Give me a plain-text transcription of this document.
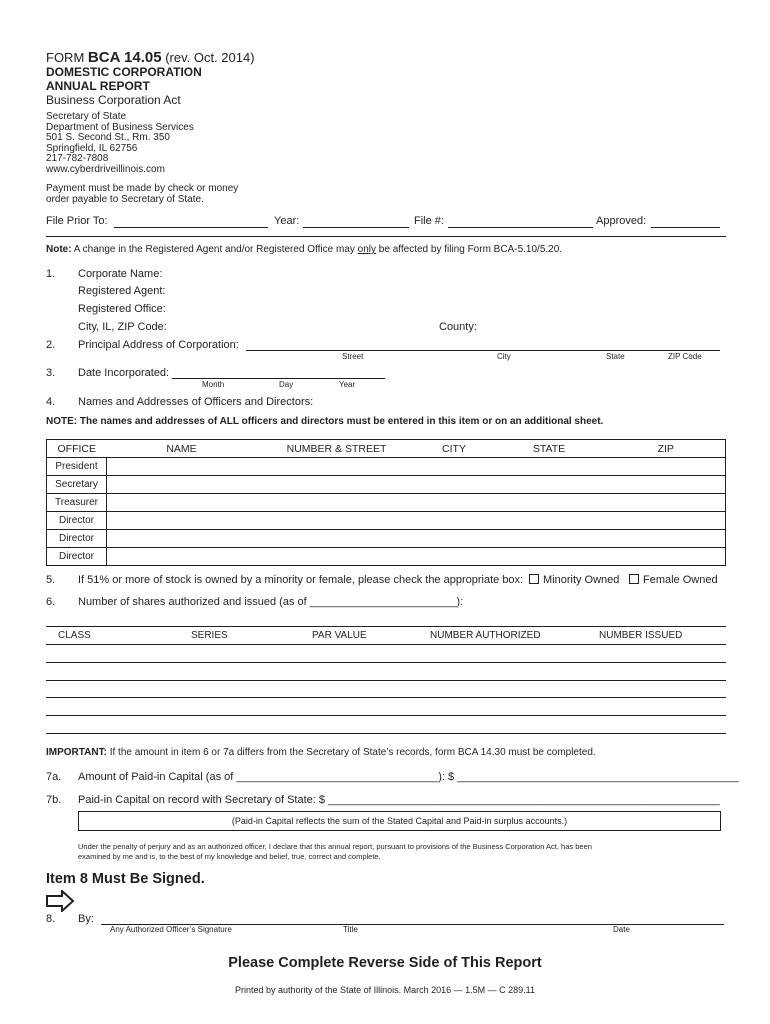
FORM BCA 14.05 (rev. Oct. 2014)
DOMESTIC CORPORATION
ANNUAL REPORT
Business Corporation Act
Secretary of State
Department of Business Services
501 S. Second St., Rm. 350
Springfield, IL 62756
217-782-7808
www.cyberdriveillinois.com
Payment must be made by check or money
order payable to Secretary of State.
File Prior To:	Year:	File #:	Approved:
Note: A change in the Registered Agent and/or Registered Office may only be affected by filing Form BCA-5.10/5.20.
1. Corporate Name:
Registered Agent:
Registered Office:
City, IL, ZIP Code:	County:
2. Principal Address of Corporation:
Street	City	State	ZIP Code
3. Date Incorporated:
Month	Day	Year
4. Names and Addresses of Officers and Directors:
NOTE: The names and addresses of ALL officers and directors must be entered in this item or on an additional sheet.
OFFICE	NAME	NUMBER & STREET	CITY	STATE	ZIP
President					
Secretary					
Treasurer					
Director					
Director					
Director					
5. If 51% or more of stock is owned by a minority or female, please check the appropriate box:	Minority Owned	Female Owned
6. Number of shares authorized and issued (as of ________________________):
CLASS	SERIES	PAR VALUE	NUMBER AUTHORIZED	NUMBER ISSUED
IMPORTANT: If the amount in item 6 or 7a differs from the Secretary of State’s records, form BCA 14.30 must be completed.
7a. Amount of Paid-in Capital (as of _________________________________): $ ______________________________________________
7b. Paid-in Capital on record with Secretary of State: $ ________________________________________________________________
(Paid-in Capital reflects the sum of the Stated Capital and Paid-in surplus accounts.)
Under the penalty of perjury and as an authorized officer, I declare that this annual report, pursuant to provisions of the Business Corporation Act, has been
examined by me and is, to the best of my knowledge and belief, true, correct and complete.
Item 8 Must Be Signed.
8. By:
Any Authorized Officer’s Signature	Title	Date
Please Complete Reverse Side of This Report
Printed by authority of the State of Illinois. March 2016 — 1.5M — C 289.11
